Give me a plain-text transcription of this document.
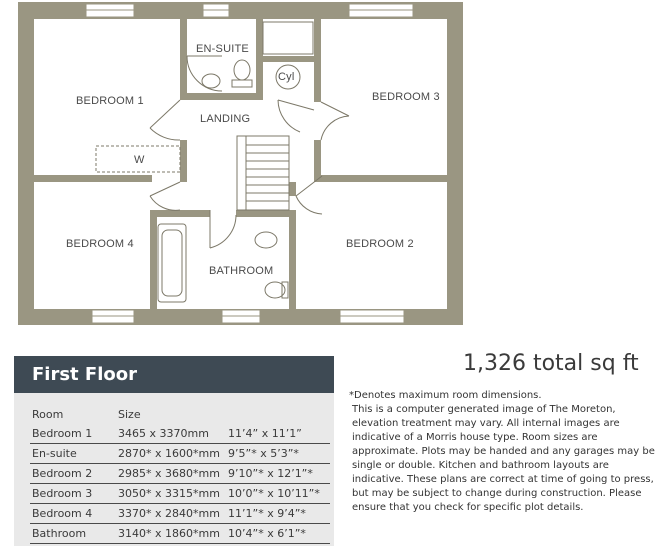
BEDROOM 1
EN-SUITE
Cyl
LANDING
BEDROOM 3
W
BEDROOM 4
BATHROOM
BEDROOM 2
First Floor
Room	Size
Bedroom 1 3465 x 3370mm 11’4” x 11’1”
En-suite	2870* x 1600*mm 9’5”* x 5’3”*
Bedroom 2 2985* x 3680*mm 9’10”* x 12’1”*
Bedroom 3 3050* x 3315*mm 10’0”* x 10’11”*
Bedroom 4 3370* x 2840*mm 11’1”* x 9’4”*
Bathroom	3140* x 1860*mm 10’4”* x 6’1”*
1,326 total sq ft
*Denotes maximum room dimensions.
This is a computer generated image of The Moreton, elevation treatment may vary. All internal images are indicative of a Morris house type. Room sizes are approximate. Plots may be handed and any garages may be single or double. Kitchen and bathroom layouts are indicative. These plans are correct at time of going to press, but may be subject to change during construction. Please ensure that you check for specific plot details.
